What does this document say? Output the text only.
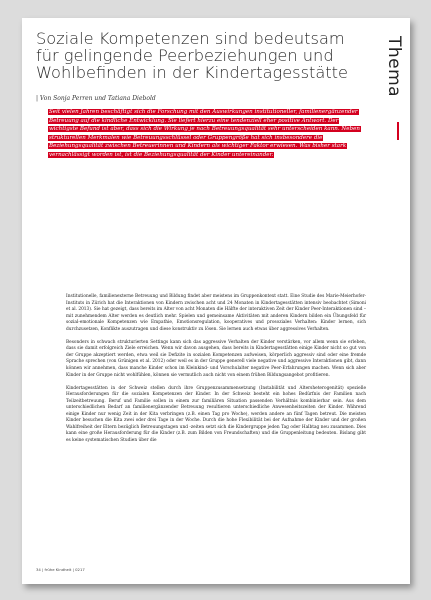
Soziale Kompetenzen sind bedeutsam
für gelingende Peerbeziehungen und
Wohlbefinden in der Kindertagesstätte
| Von Sonja Perren und Tatiana Diebold
Thema
Seit vielen Jahren beschäftigt sich die Forschung mit den Auswirkungen institutioneller, familienergänzender Betreuung auf die kindliche Entwicklung. Sie liefert hierzu eine tendenziell eher positive Antwort. Der wichtigste Befund ist aber, dass sich die Wirkung je nach Betreuungsqualität sehr unterscheiden kann. Neben strukturellen Merkmalen wie Betreuungsschlüssel oder Gruppengröße hat sich insbesondere die Beziehungsqualität zwischen Betreuerinnen und Kindern als wichtiger Faktor erwiesen. Was bisher stark vernachlässigt worden ist, ist die Beziehungsqualität der Kinder untereinander.

Institutionelle, familienexterne Betreuung und Bildung findet aber meistens im Gruppenkontext statt. Eine Studie des Marie-Meierhofer-Instituts in Zürich hat die Interaktionen von Kindern zwischen acht und 24 Monaten in Kindertagesstätten intensiv beobachtet (Simoni et al. 2013). Sie hat gezeigt, dass bereits im Alter von acht Monaten die Hälfte der interaktiven Zeit der Kinder Peer-Interaktionen sind – mit zunehmendem Alter werden es deutlich mehr. Spielen und gemeinsame Aktivitäten mit anderen Kindern bilden ein Übungsfeld für sozial-emotionale Kompetenzen wie Empathie, Emotionsregulation, kooperatives und prosoziales Verhalten: Kinder lernen, sich durchzusetzen, Konflikte auszutragen und diese konstruktiv zu lösen. Sie lernen auch etwas über aggressives Verhalten.

Besonders in schwach strukturierten Settings kann sich das aggressive Verhalten der Kinder verstärken, vor allem wenn sie erleben, dass sie damit erfolgreich Ziele erreichen. Wenn wir davon ausgehen, dass bereits in Kindertagesstätten einige Kinder nicht so gut von der Gruppe akzeptiert werden, etwa weil sie Defizite in sozialen Kompetenzen aufweisen, körperlich aggressiv sind oder eine fremde Sprache sprechen (von Grünigen et al. 2012) oder weil es in der Gruppe generell viele negative und aggressive Interaktionen gibt, dann können wir annehmen, dass manche Kinder schon im Kleinkind- und Vorschulalter negative Peer-Erfahrungen machen. Wenn sich aber Kinder in der Gruppe nicht wohlfühlen, können sie vermutlich auch nicht von einem frühen Bildungsangebot profitieren.

Kindertagesstätten in der Schweiz stellen durch ihre Gruppenzusammensetzung (Instabilität und Altersheterogenität) spezielle Herausforderungen für die sozialen Kompetenzen der Kinder. In der Schweiz besteht ein hohes Bedürfnis der Familien nach Teilzeitbetreuung. Beruf und Familie sollen in einem zur familiären Situation passenden Verhältnis kombinierbar sein. Aus dem unterschiedlichen Bedarf an familienergänzender Betreuung resultieren unterschiedliche Anwesenheitszeiten der Kinder. Während einige Kinder nur wenig Zeit in der Kita verbringen (z.B. einen Tag pro Woche), werden andere an fünf Tagen betreut. Die meisten Kinder besuchen die Kita zwei oder drei Tage in der Woche. Durch die hohe Flexibilität bei der Aufnahme der Kinder und der großen Wahlfreiheit der Eltern bezüglich Betreuungstagen und -zeiten setzt sich die Kindergruppe jeden Tag oder Halbtag neu zusammen. Dies kann eine große Herausforderung für die Kinder (z.B. zum Bilden von Freundschaften) und die Gruppenleitung bedeuten. Bislang gibt es keine systematischen Studien über die

34 | frühe Kindheit | 0217
